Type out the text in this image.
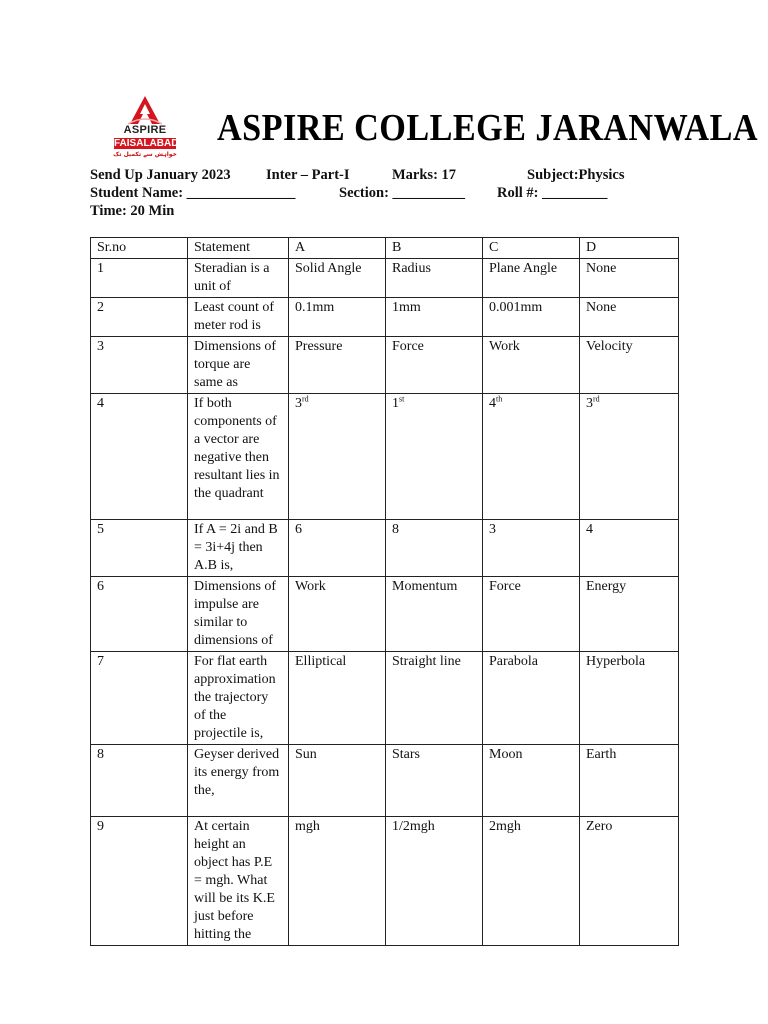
ASPIRE
FAISALABAD
خواہش سے تکمیل تک
ASPIRE COLLEGE JARANWALA
Send Up January 2023 Inter – Part-I	Marks: 17	Subject:Physics
Student Name: _______________	Section: __________ Roll #: _________
Time: 20 Min
Sr.no	Statement	A	B	C	D
1	Steradian is a unit of	Solid Angle	Radius	Plane Angle	None
2	Least count of meter rod is	0.1mm	1mm	0.001mm	None
3	Dimensions of torque are same as	Pressure	Force	Work	Velocity
4	If both components of a vector are negative then resultant lies in the quadrant	3rd	1st	4th	3rd
5	If A = 2i and B = 3i+4j then A.B is,	6	8	3	4
6	Dimensions of impulse are similar to dimensions of	Work	Momentum	Force	Energy
7	For flat earth approximation the trajectory of the projectile is,	Elliptical	Straight line	Parabola	Hyperbola
8	Geyser derived its energy from the,	Sun	Stars	Moon	Earth
9	At certain height an object has P.E = mgh. What will be its K.E just before hitting the	mgh	1/2mgh	2mgh	Zero
